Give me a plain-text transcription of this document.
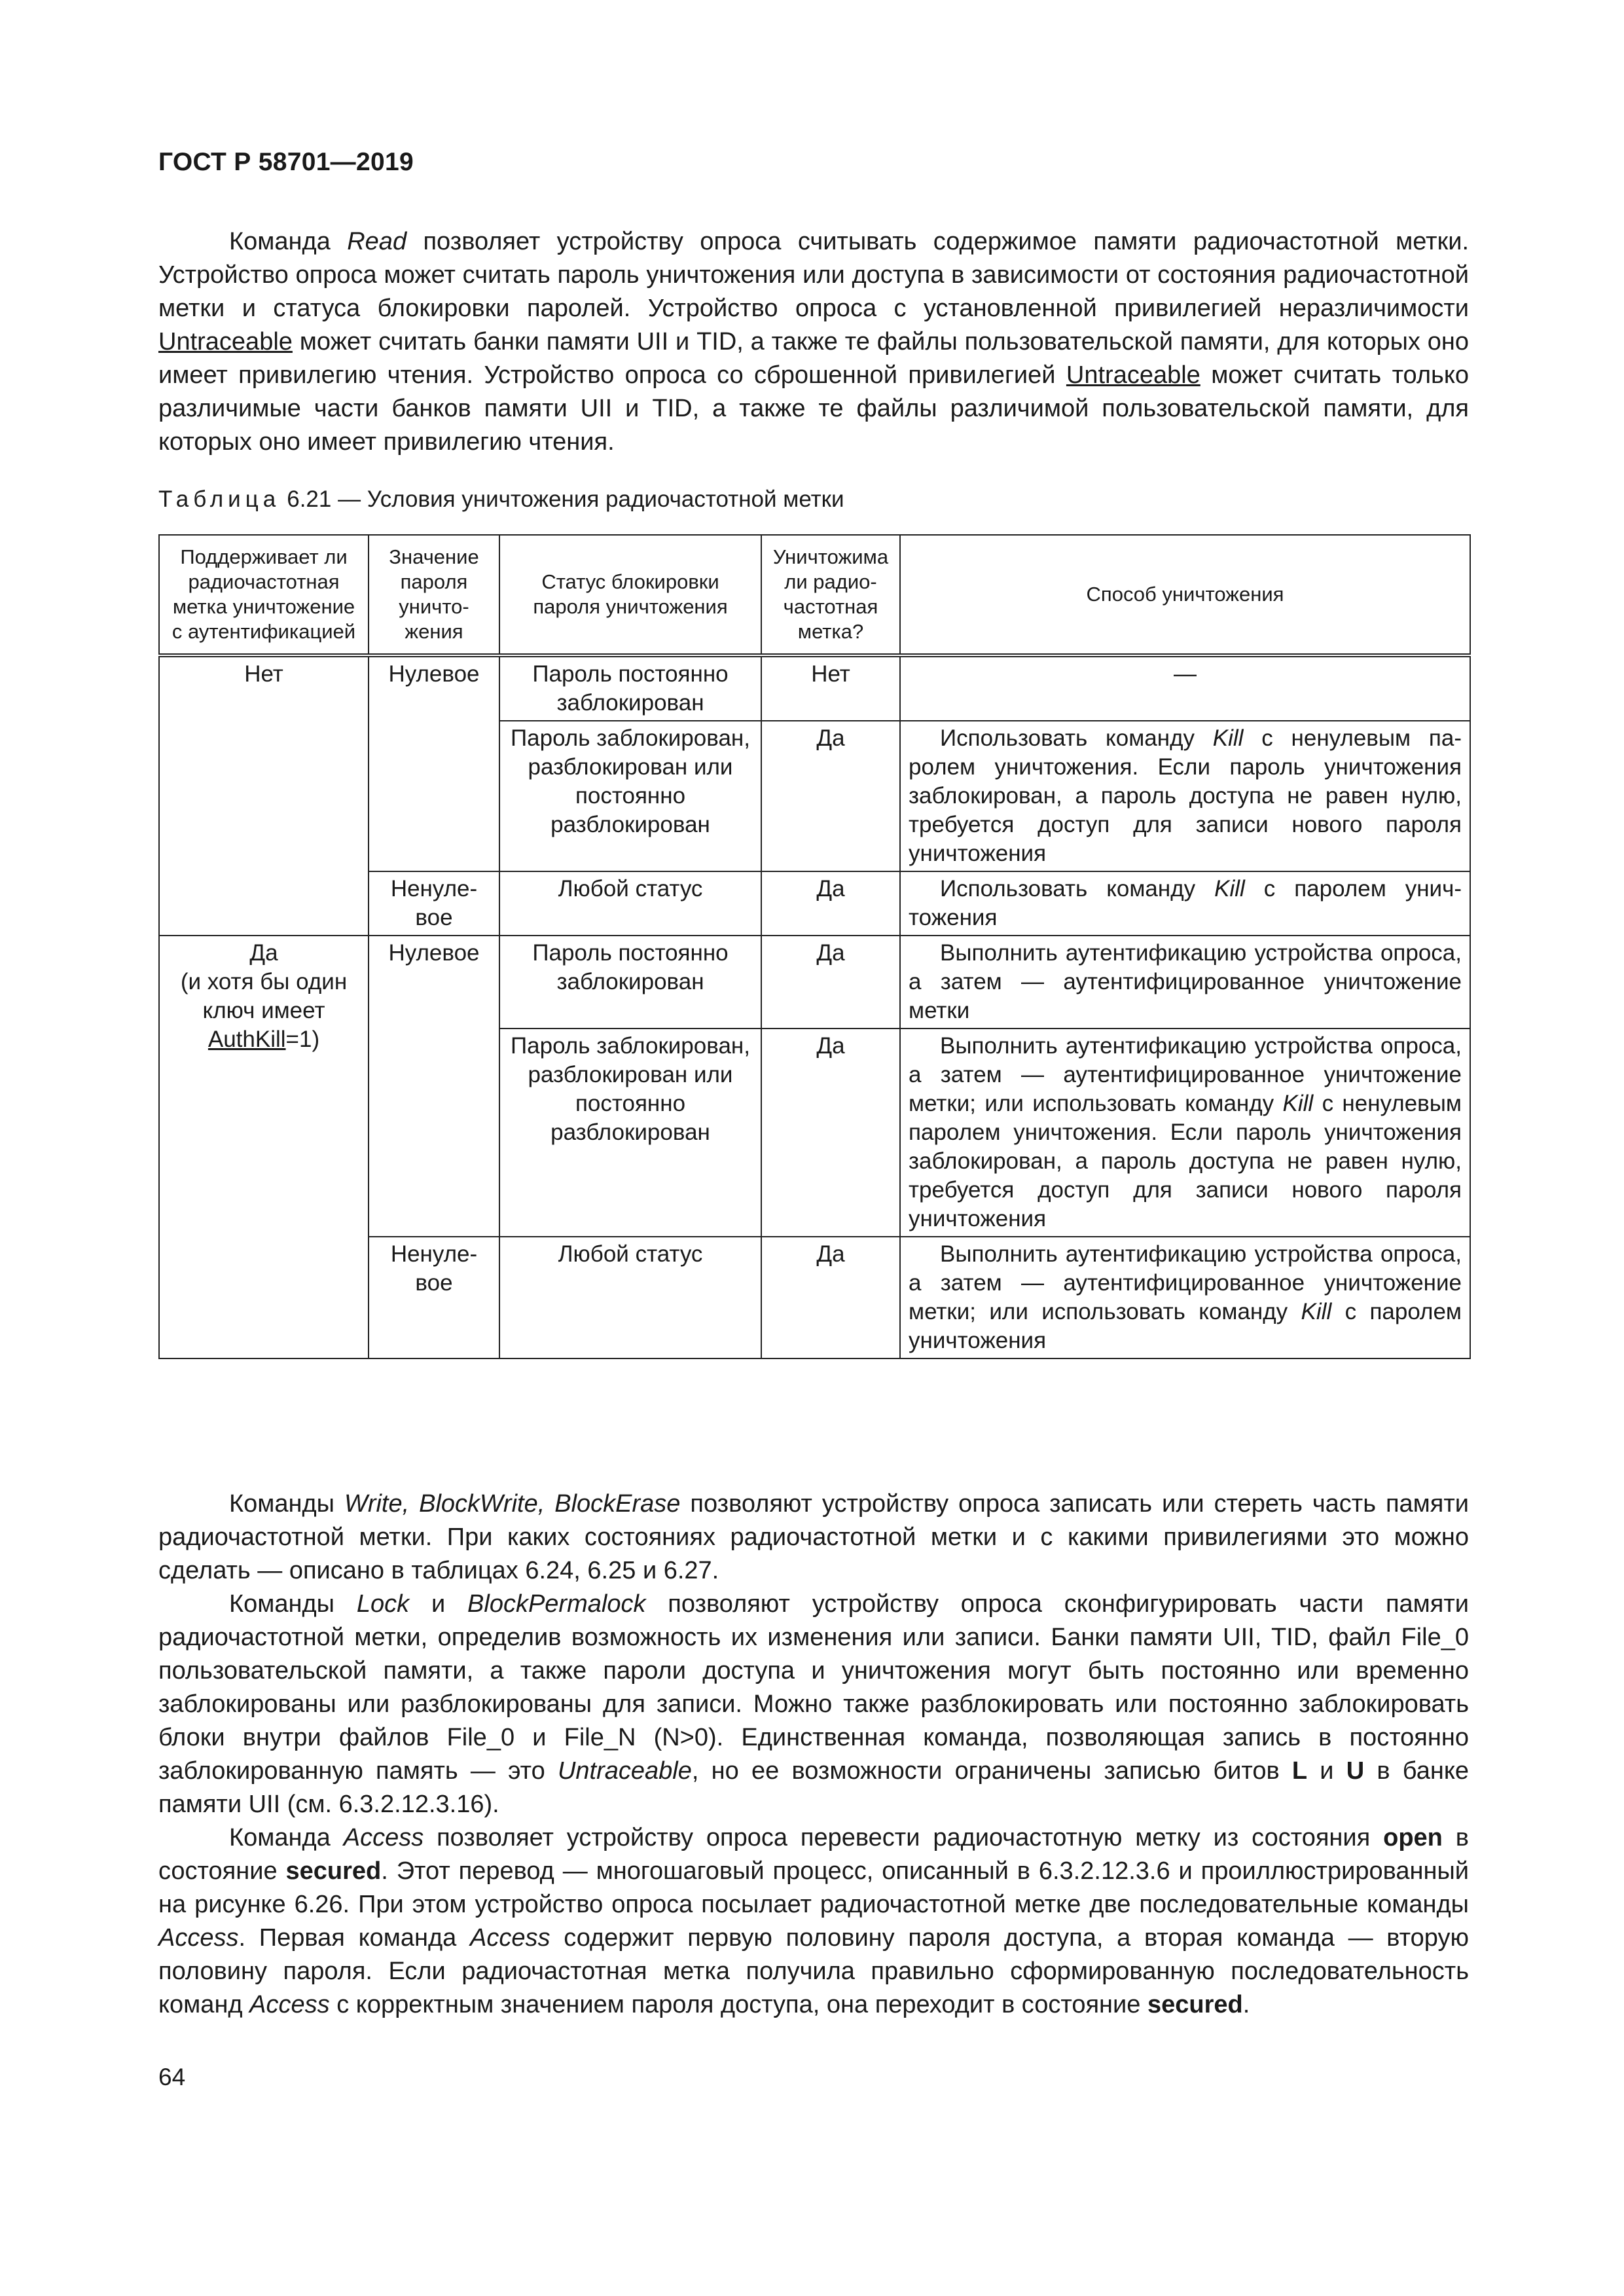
ГОСТ Р 58701—2019

Команда Read позволяет устройству опроса считывать содержимое памяти радиочастотной метки. Устройство опроса может считать пароль уничтожения или доступа в зависимости от состояния радиочастотной метки и статуса блокировки паролей. Устройство опроса с установленной привилегией неразличимости Untraceable может считать банки памяти UII и TID, а также те файлы пользовательской памяти, для которых оно имеет привилегию чтения. Устройство опроса со сброшенной привилегией Untraceable может считать только различимые части банков памяти UII и TID, а также те файлы различимой пользовательской памяти, для которых оно имеет привилегию чтения.

Таблица 6.21 — Условия уничтожения радиочастотной метки
Поддерживает ли радиочастотная метка уничтожение с аутентификацией	Значение пароля уничтожения	Статус блокировки пароля уничтожения	Уничтожима ли радиочастотная метка?	Способ уничтожения
Нет	Нулевое	Пароль постоянно заблокирован	Нет	—
		Пароль заблокирован, разблокирован или постоянно разблокирован	Да	Использовать команду Kill с ненулевым паролем уничтожения. Если пароль уничтожения заблокирован, а пароль доступа не равен нулю, требуется доступ для записи нового пароля уничтожения
	Ненулевое	Любой статус	Да	Использовать команду Kill с паролем уничтожения
Да
(и хотя бы один ключ имеет
AuthKill=1)	Нулевое	Пароль постоянно заблокирован	Да	Выполнить аутентификацию устройства опроса, а затем — аутентифицированное уничтожение метки
		Пароль заблокирован, разблокирован или постоянно разблокирован	Да	Выполнить аутентификацию устройства опроса, а затем — аутентифицированное уничтожение метки; или использовать команду Kill с ненулевым паролем уничтожения. Если пароль уничтожения заблокирован, а пароль доступа не равен нулю, требуется доступ для записи нового пароля уничтожения
	Ненулевое	Любой статус	Да	Выполнить аутентификацию устройства опроса, а затем — аутентифицированное уничтожение метки; или использовать команду Kill с паролем уничтожения

Команды Write, BlockWrite, BlockErase позволяют устройству опроса записать или стереть часть памяти радиочастотной метки. При каких состояниях радиочастотной метки и с какими привилегиями это можно сделать — описано в таблицах 6.24, 6.25 и 6.27.

Команды Lock и BlockPermalock позволяют устройству опроса сконфигурировать части памяти радиочастотной метки, определив возможность их изменения или записи. Банки памяти UII, TID, файл File_0 пользовательской памяти, а также пароли доступа и уничтожения могут быть постоянно или временно заблокированы или разблокированы для записи. Можно также разблокировать или постоянно заблокировать блоки внутри файлов File_0 и File_N (N>0). Единственная команда, позволяющая запись в постоянно заблокированную память — это Untraceable, но ее возможности ограничены записью битов L и U в банке памяти UII (см. 6.3.2.12.3.16).

Команда Access позволяет устройству опроса перевести радиочастотную метку из состояния open в состояние secured. Этот перевод — многошаговый процесс, описанный в 6.3.2.12.3.6 и проиллюстрированный на рисунке 6.26. При этом устройство опроса посылает радиочастотной метке две последовательные команды Access. Первая команда Access содержит первую половину пароля доступа, а вторая команда — вторую половину пароля. Если радиочастотная метка получила правильно сформированную последовательность команд Access с корректным значением пароля доступа, она переходит в состояние secured.

64
